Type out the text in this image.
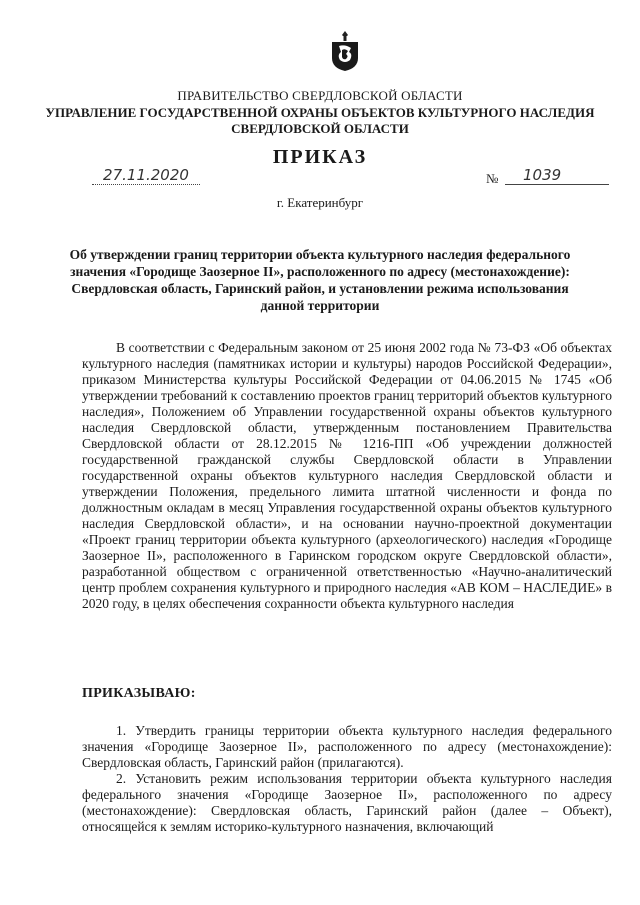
ПРАВИТЕЛЬСТВО СВЕРДЛОВСКОЙ ОБЛАСТИ
УПРАВЛЕНИЕ ГОСУДАРСТВЕННОЙ ОХРАНЫ ОБЪЕКТОВ КУЛЬТУРНОГО НАСЛЕДИЯ СВЕРДЛОВСКОЙ ОБЛАСТИ
ПРИКАЗ
27.11.2020	№	1039
г. Екатеринбург
Об утверждении границ территории объекта культурного наследия федерального значения «Городище Заозерное II», расположенного по адресу (местонахождение): Свердловская область, Гаринский район, и установлении режима использования данной территории

В соответствии с Федеральным законом от 25 июня 2002 года № 73-ФЗ «Об объектах культурного наследия (памятниках истории и культуры) народов Российской Федерации», приказом Министерства культуры Российской Федерации от 04.06.2015 № 1745 «Об утверждении требований к составлению проектов границ территорий объектов культурного наследия», Положением об Управлении государственной охраны объектов культурного наследия Свердловской области, утвержденным постановлением Правительства Свердловской области от 28.12.2015 № 1216-ПП «Об учреждении должностей государственной гражданской службы Свердловской области в Управлении государственной охраны объектов культурного наследия Свердловской области и утверждении Положения, предельного лимита штатной численности и фонда по должностным окладам в месяц Управления государственной охраны объектов культурного наследия Свердловской области», и на основании научно-проектной документации «Проект границ территории объекта культурного (археологического) наследия «Городище Заозерное II», расположенного в Гаринском городском округе Свердловской области», разработанной обществом с ограниченной ответственностью «Научно-аналитический центр проблем сохранения культурного и природного наследия «АВ КОМ – НАСЛЕДИЕ» в 2020 году, в целях обеспечения сохранности объекта культурного наследия

ПРИКАЗЫВАЮ:

1. Утвердить границы территории объекта культурного наследия федерального значения «Городище Заозерное II», расположенного по адресу (местонахождение): Свердловская область, Гаринский район (прилагаются).

2. Установить режим использования территории объекта культурного наследия федерального значения «Городище Заозерное II», расположенного по адресу (местонахождение): Свердловская область, Гаринский район (далее – Объект), относящейся к землям историко-культурного назначения, включающий
